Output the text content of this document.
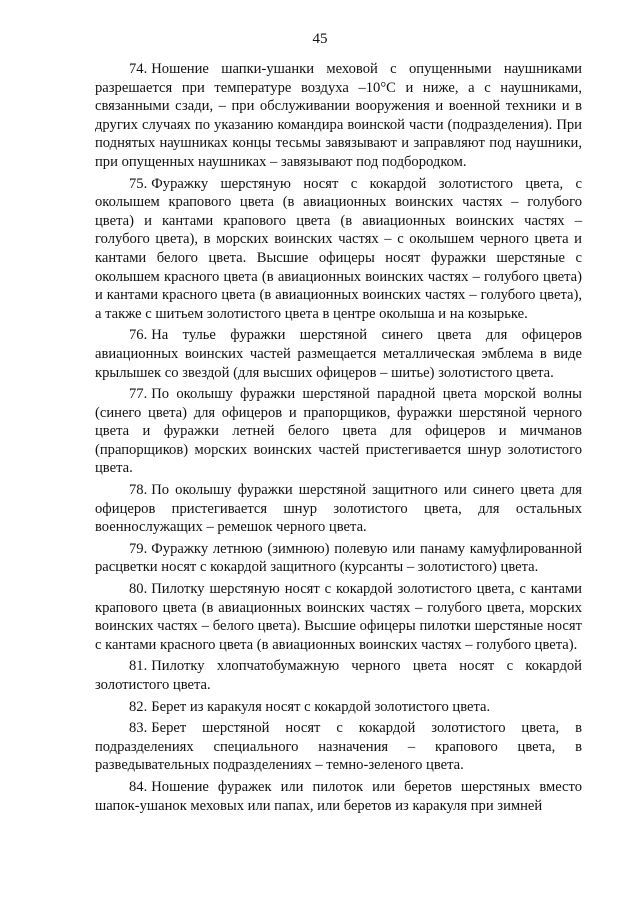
45

74. Ношение шапки-ушанки меховой с опущенными наушниками разрешается при температуре воздуха –10°С и ниже, а с наушниками, связанными сзади, – при обслуживании вооружения и военной техники и в других случаях по указанию командира воинской части (подразделения). При поднятых наушниках концы тесьмы завязывают и заправляют под наушники, при опущенных наушниках – завязывают под подбородком.

75. Фуражку шерстяную носят с кокардой золотистого цвета, с околышем крапового цвета (в авиационных воинских частях – голубого цвета) и кантами крапового цвета (в авиационных воинских частях – голубого цвета), в морских воинских частях – с околышем черного цвета и кантами белого цвета. Высшие офицеры носят фуражки шерстяные с околышем красного цвета (в авиационных воинских частях – голубого цвета) и кантами красного цвета (в авиационных воинских частях – голубого цвета), а также с шитьем золотистого цвета в центре околыша и на козырьке.

76. На тулье фуражки шерстяной синего цвета для офицеров авиационных воинских частей размещается металлическая эмблема в виде крылышек со звездой (для высших офицеров – шитье) золотистого цвета.

77. По околышу фуражки шерстяной парадной цвета морской волны (синего цвета) для офицеров и прапорщиков, фуражки шерстяной черного цвета и фуражки летней белого цвета для офицеров и мичманов (прапорщиков) морских воинских частей пристегивается шнур золотистого цвета.

78. По околышу фуражки шерстяной защитного или синего цвета для офицеров пристегивается шнур золотистого цвета, для остальных военнослужащих – ремешок черного цвета.

79. Фуражку летнюю (зимнюю) полевую или панаму камуфлированной расцветки носят с кокардой защитного (курсанты – золотистого) цвета.

80. Пилотку шерстяную носят с кокардой золотистого цвета, с кантами крапового цвета (в авиационных воинских частях – голубого цвета, морских воинских частях – белого цвета). Высшие офицеры пилотки шерстяные носят с кантами красного цвета (в авиационных воинских частях – голубого цвета).

81. Пилотку хлопчатобумажную черного цвета носят с кокардой золотистого цвета.

82. Берет из каракуля носят с кокардой золотистого цвета.

83. Берет шерстяной носят с кокардой золотистого цвета, в подразделениях специального назначения – крапового цвета, в разведывательных подразделениях – темно-зеленого цвета.

84. Ношение фуражек или пилоток или беретов шерстяных вместо шапок-ушанок меховых или папах, или беретов из каракуля при зимней
